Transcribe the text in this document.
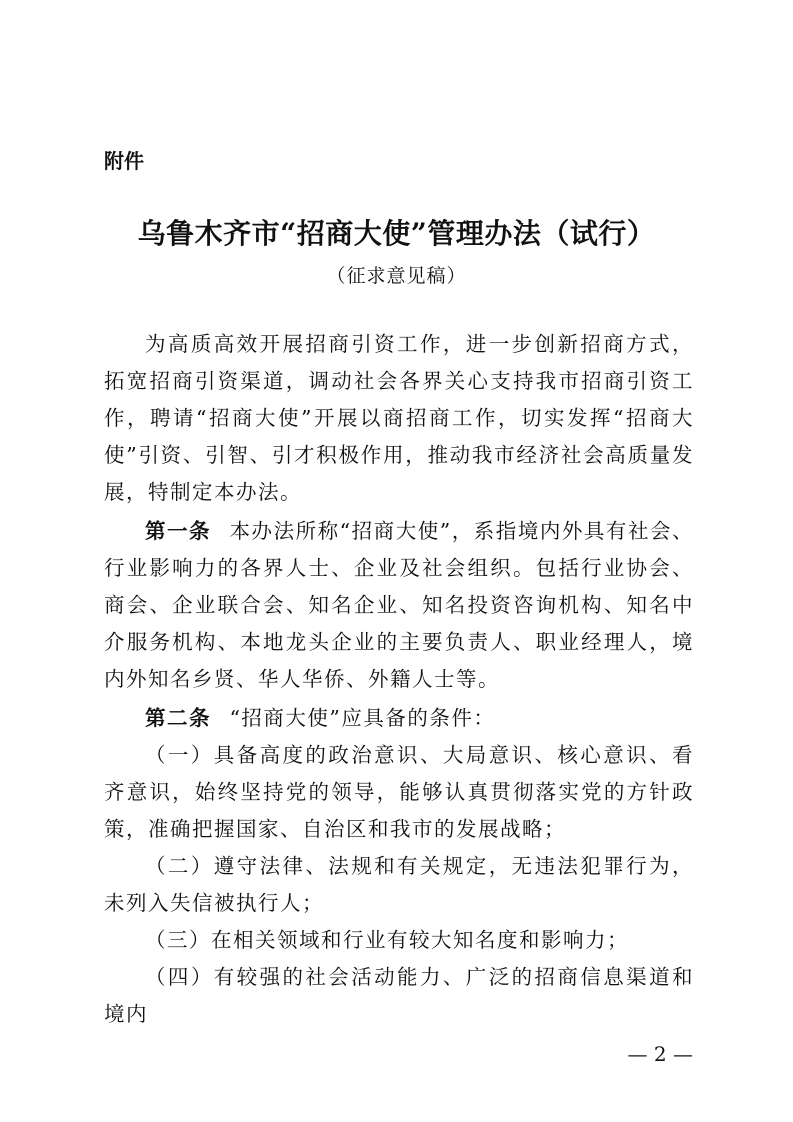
附件
乌鲁木齐市“招商大使”管理办法（试行）
（征求意见稿）

为高质高效开展招商引资工作，进一步创新招商方式，拓宽招商引资渠道，调动社会各界关心支持我市招商引资工作，聘请“招商大使”开展以商招商工作，切实发挥“招商大使”引资、引智、引才积极作用，推动我市经济社会高质量发展，特制定本办法。

第一条 本办法所称“招商大使”，系指境内外具有社会、行业影响力的各界人士、企业及社会组织。包括行业协会、商会、企业联合会、知名企业、知名投资咨询机构、知名中介服务机构、本地龙头企业的主要负责人、职业经理人，境内外知名乡贤、华人华侨、外籍人士等。

第二条 “招商大使”应具备的条件：

（一）具备高度的政治意识、大局意识、核心意识、看齐意识，始终坚持党的领导，能够认真贯彻落实党的方针政策，准确把握国家、自治区和我市的发展战略；

（二）遵守法律、法规和有关规定，无违法犯罪行为，未列入失信被执行人；

（三）在相关领域和行业有较大知名度和影响力；

（四）有较强的社会活动能力、广泛的招商信息渠道和境内

— 2 —
